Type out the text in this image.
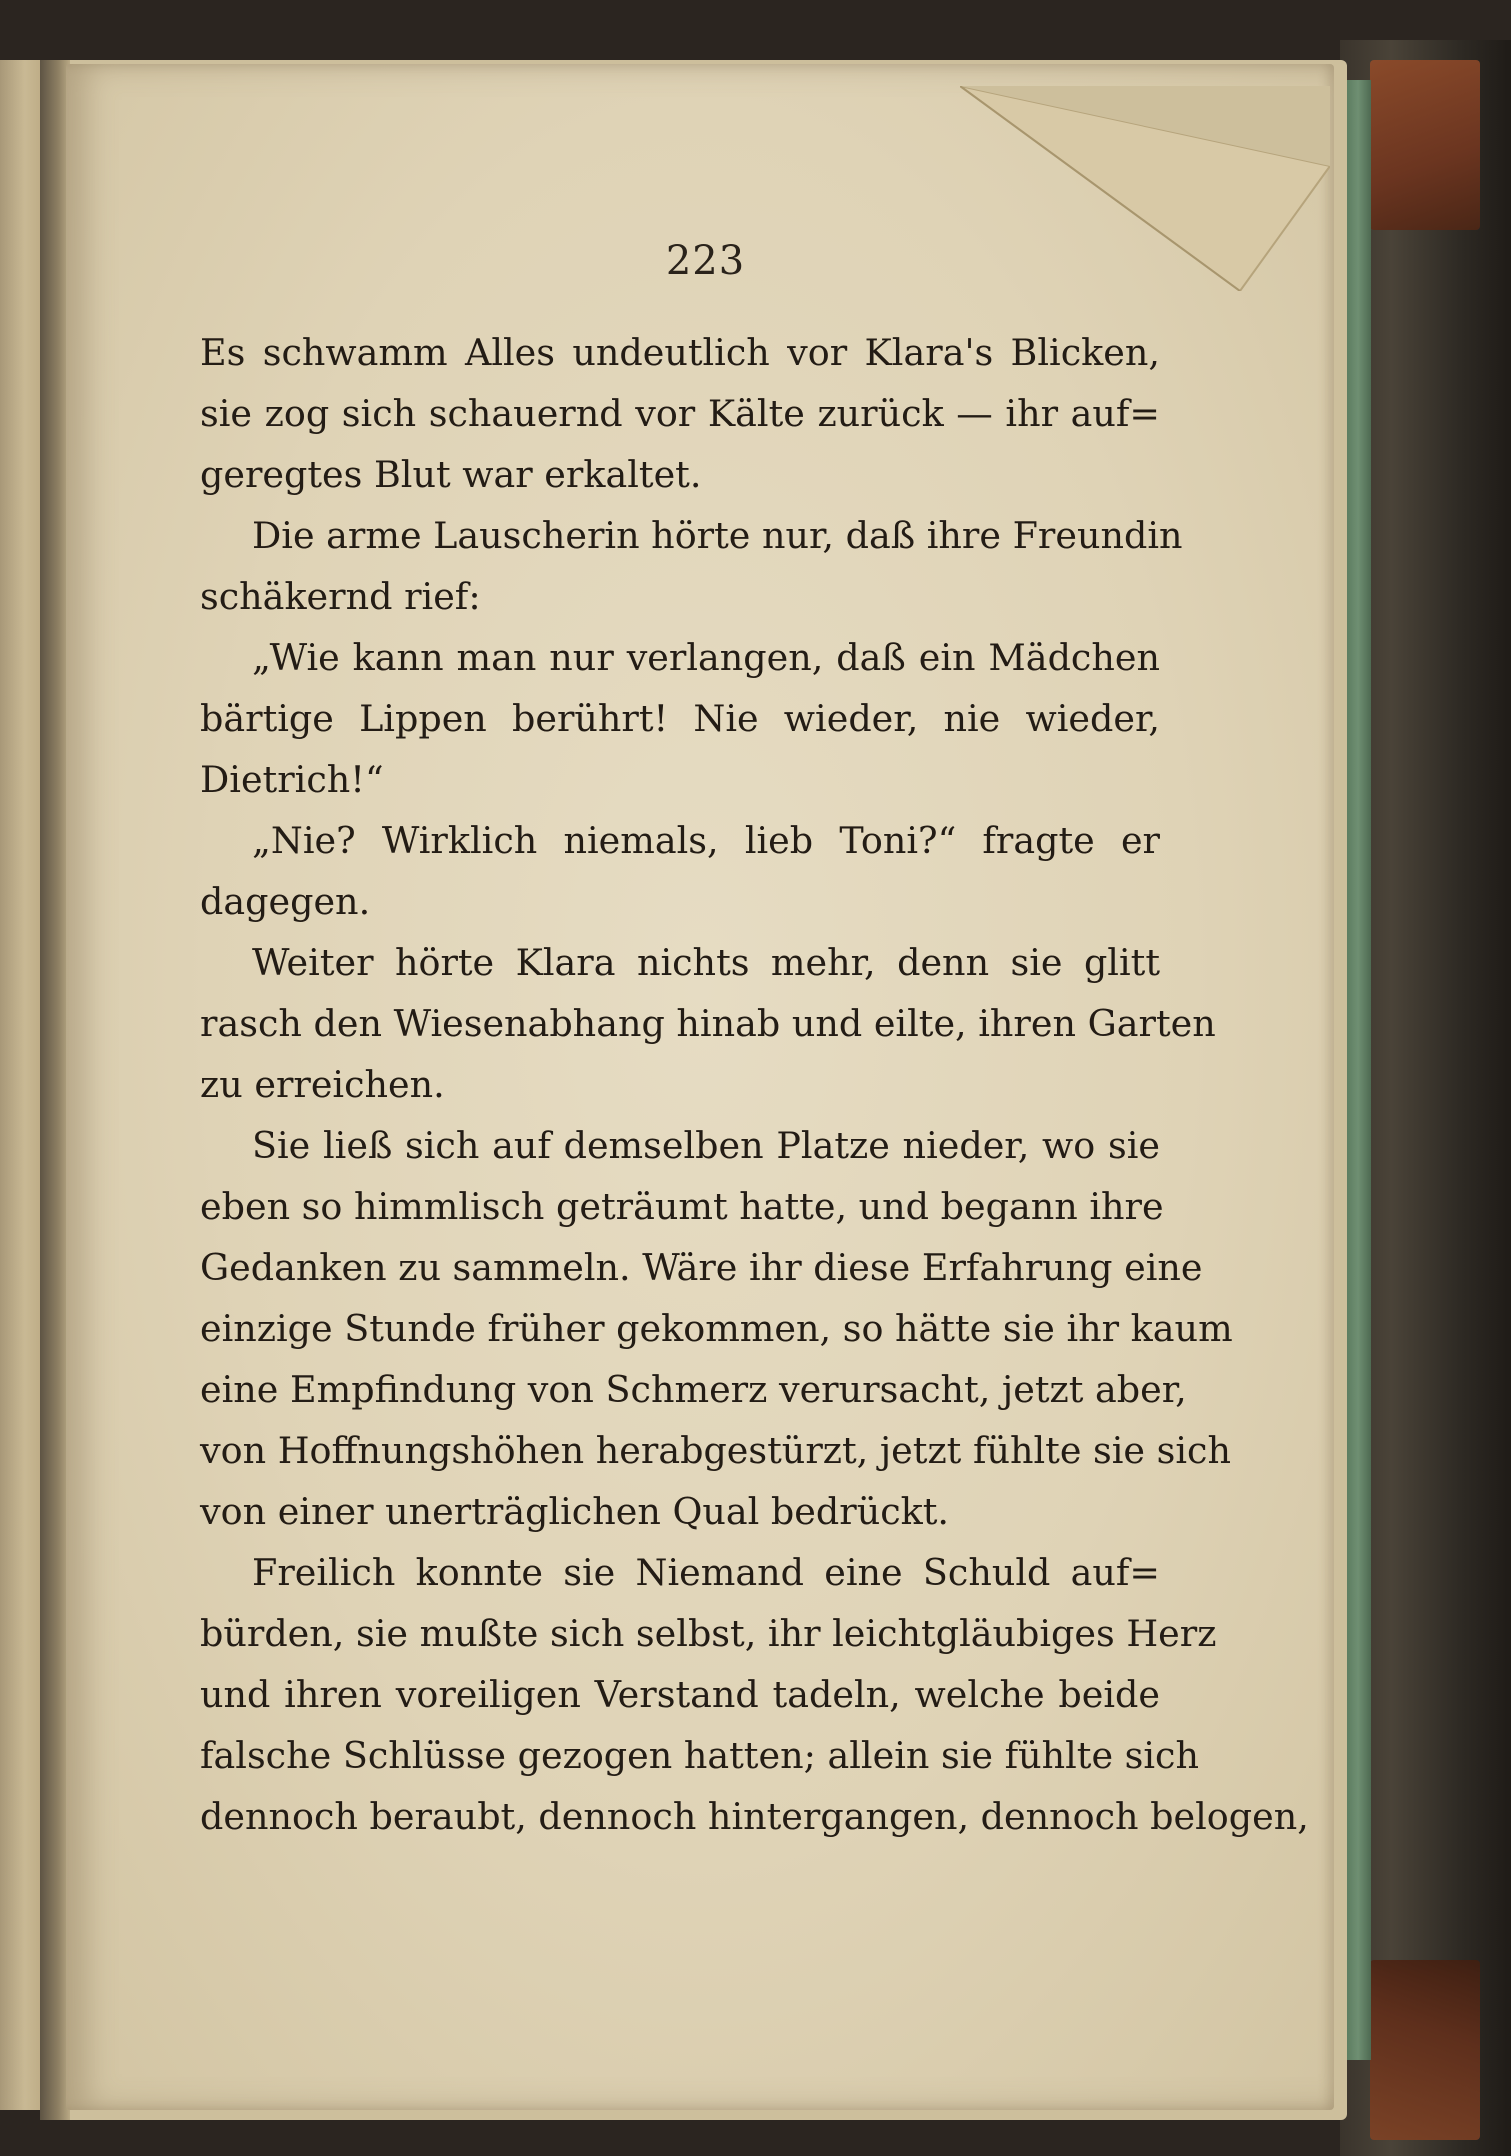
223
Es schwamm Alles undeutlich vor Klara's Blicken,
sie zog sich schauernd vor Kälte zurück — ihr auf=
geregtes Blut war erkaltet.
Die arme Lauscherin hörte nur, daß ihre Freundin
schäkernd rief:
„Wie kann man nur verlangen, daß ein Mädchen
bärtige Lippen berührt! Nie wieder, nie wieder,
Dietrich!“
„Nie? Wirklich niemals, lieb Toni?“ fragte er
dagegen.
Weiter hörte Klara nichts mehr, denn sie glitt
rasch den Wiesenabhang hinab und eilte, ihren Garten
zu erreichen.
Sie ließ sich auf demselben Platze nieder, wo sie
eben so himmlisch geträumt hatte, und begann ihre
Gedanken zu sammeln. Wäre ihr diese Erfahrung eine
einzige Stunde früher gekommen, so hätte sie ihr kaum
eine Empfindung von Schmerz verursacht, jetzt aber,
von Hoffnungshöhen herabgestürzt, jetzt fühlte sie sich
von einer unerträglichen Qual bedrückt.
Freilich konnte sie Niemand eine Schuld auf=
bürden, sie mußte sich selbst, ihr leichtgläubiges Herz
und ihren voreiligen Verstand tadeln, welche beide
falsche Schlüsse gezogen hatten; allein sie fühlte sich
dennoch beraubt, dennoch hintergangen, dennoch belogen,
